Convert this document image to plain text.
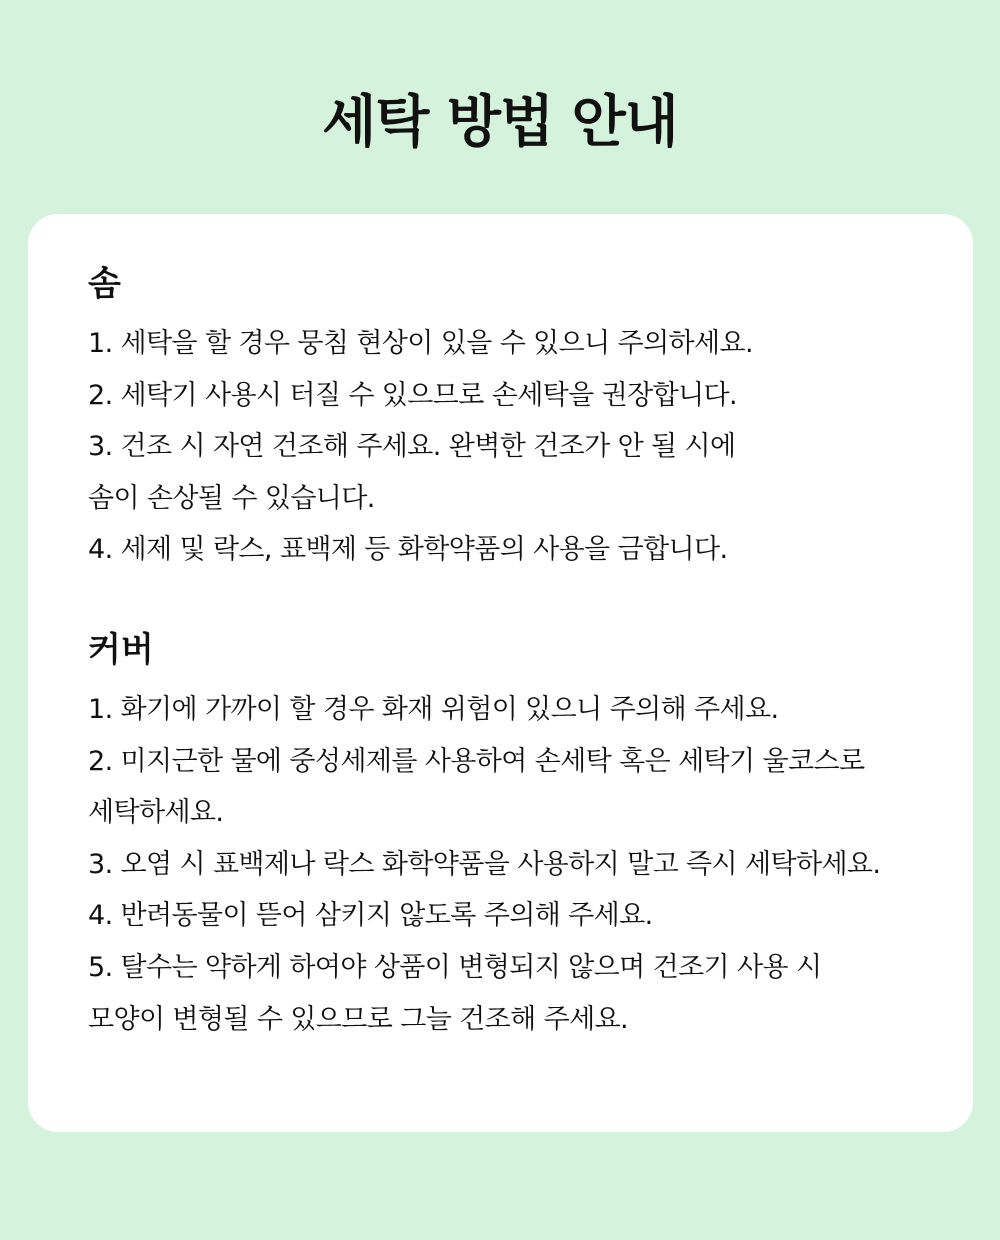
세탁 방법 안내
솜
1. 세탁을 할 경우 뭉침 현상이 있을 수 있으니 주의하세요.
2. 세탁기 사용시 터질 수 있으므로 손세탁을 권장합니다.
3. 건조 시 자연 건조해 주세요. 완벽한 건조가 안 될 시에
솜이 손상될 수 있습니다.
4. 세제 및 락스, 표백제 등 화학약품의 사용을 금합니다.
커버
1. 화기에 가까이 할 경우 화재 위험이 있으니 주의해 주세요.
2. 미지근한 물에 중성세제를 사용하여 손세탁 혹은 세탁기 울코스로
세탁하세요.
3. 오염 시 표백제나 락스 화학약품을 사용하지 말고 즉시 세탁하세요.
4. 반려동물이 뜯어 삼키지 않도록 주의해 주세요.
5. 탈수는 약하게 하여야 상품이 변형되지 않으며 건조기 사용 시
모양이 변형될 수 있으므로 그늘 건조해 주세요.
